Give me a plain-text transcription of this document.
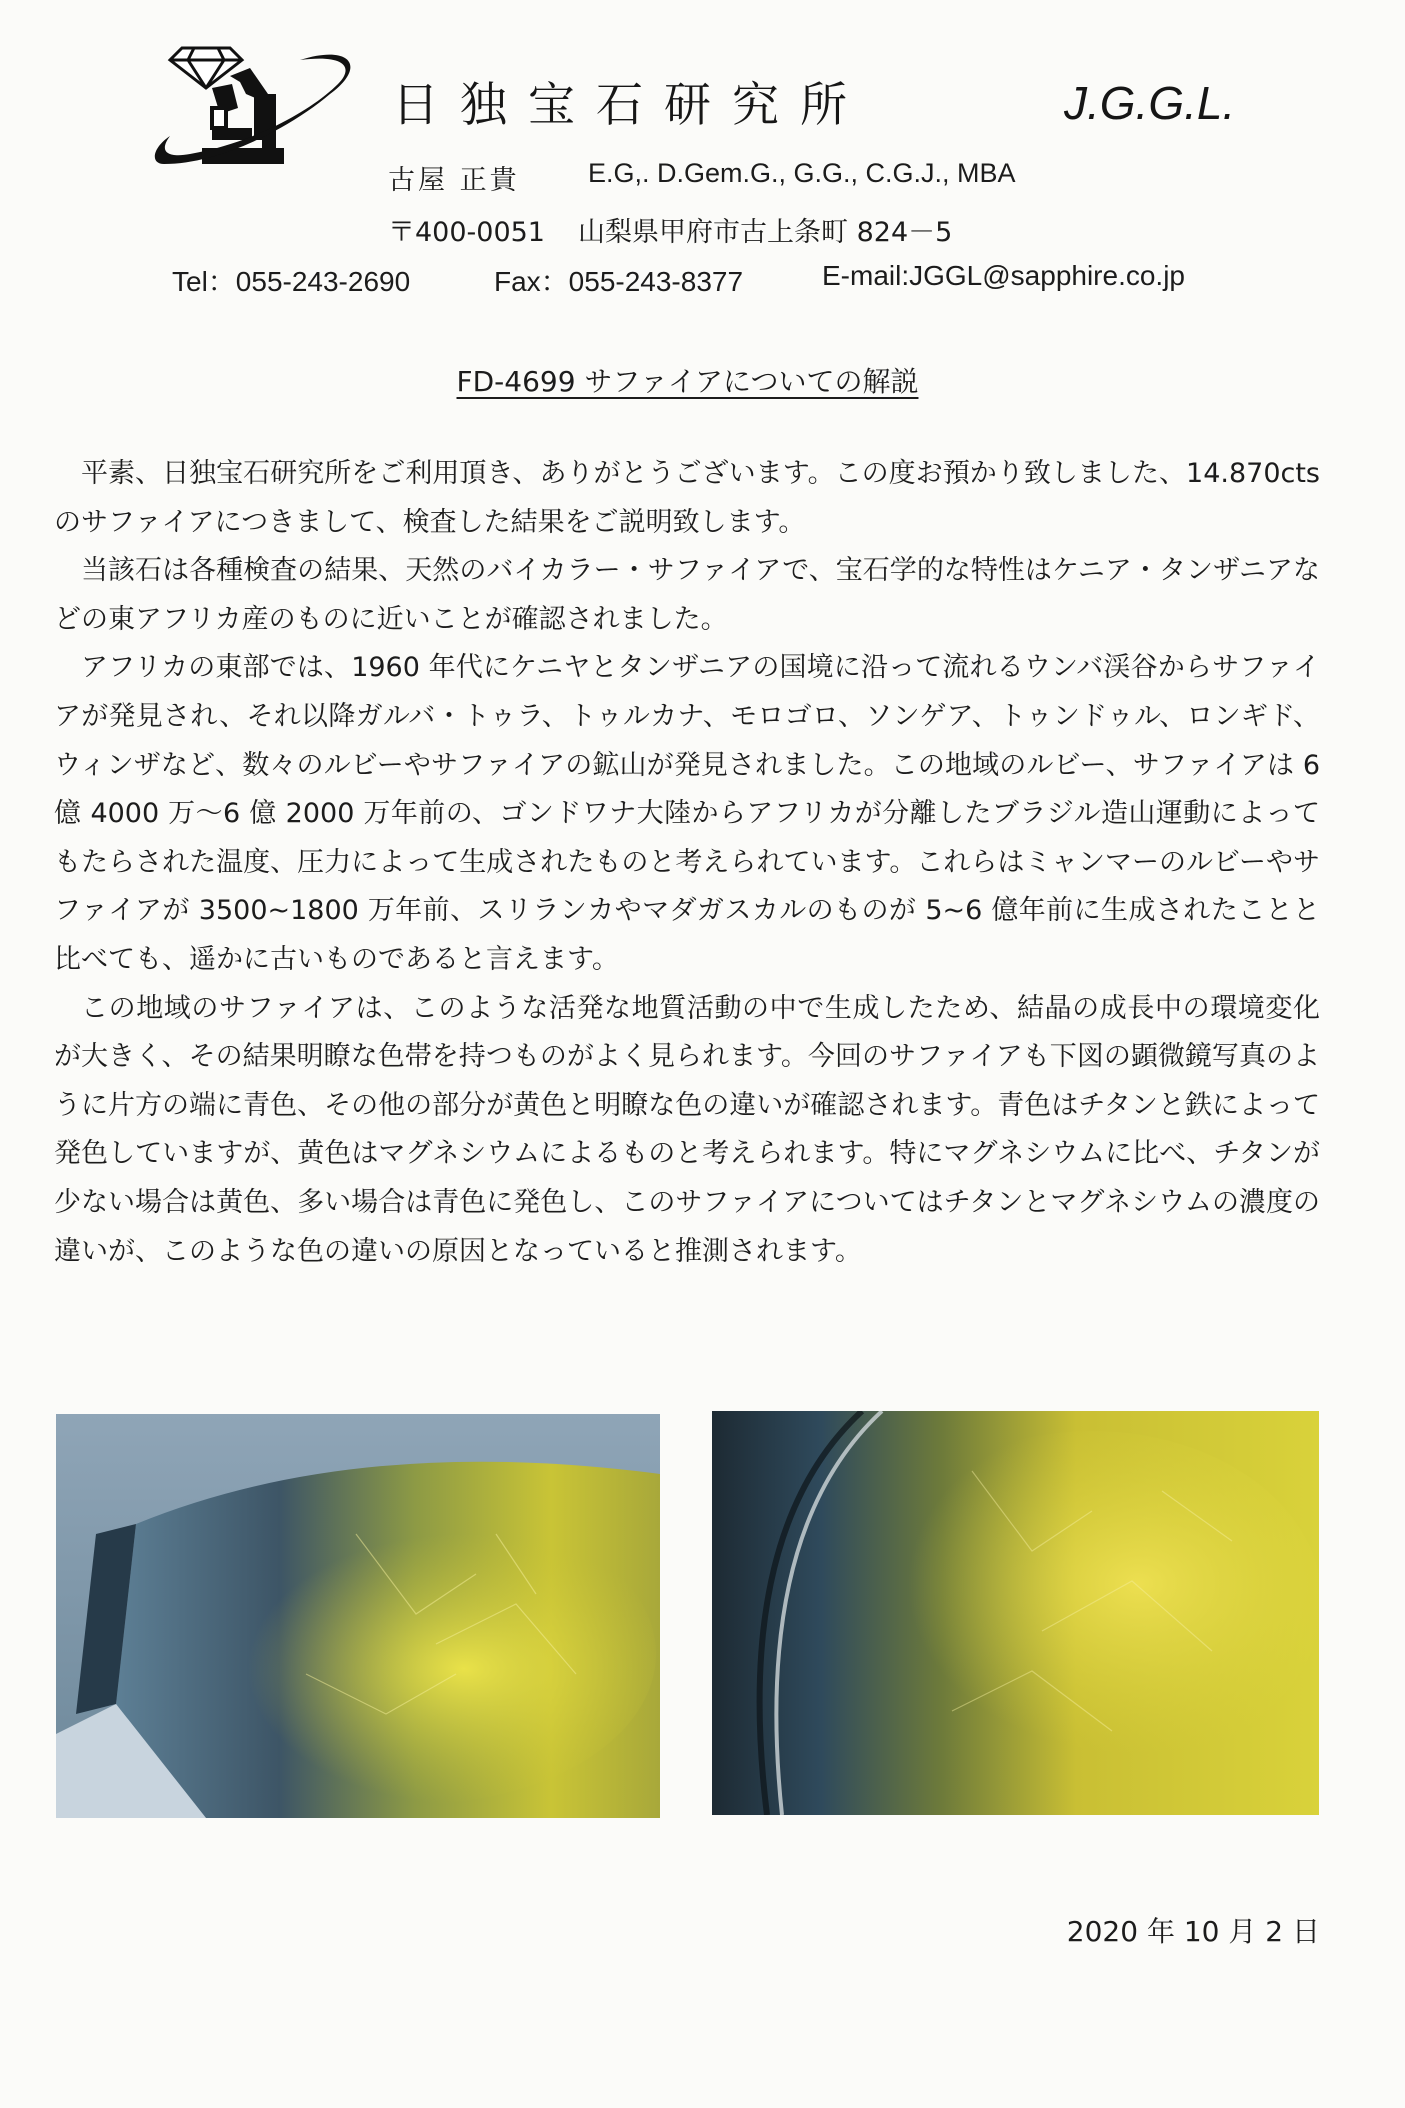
日独宝石研究所	J.G.G.L.
古屋 正貴	E.G,. D.Gem.G., G.G., C.G.J., MBA
〒400-0051 山梨県甲府市古上条町 824－5
Tel：055-243-2690	Fax：055-243-8377	E-mail:JGGL@sapphire.co.jp
FD-4699 サファイアについての解説

平素、日独宝石研究所をご利用頂き、ありがとうございます。この度お預かり致しました、14.870cts のサファイアにつきまして、検査した結果をご説明致します。

当該石は各種検査の結果、天然のバイカラー・サファイアで、宝石学的な特性はケニア・タンザニアなどの東アフリカ産のものに近いことが確認されました。

アフリカの東部では、1960 年代にケニヤとタンザニアの国境に沿って流れるウンバ渓谷からサファイアが発見され、それ以降ガルバ・トゥラ、トゥルカナ、モロゴロ、ソンゲア、トゥンドゥル、ロンギド、ウィンザなど、数々のルビーやサファイアの鉱山が発見されました。この地域のルビー、サファイアは 6 億 4000 万～6 億 2000 万年前の、ゴンドワナ大陸からアフリカが分離したブラジル造山運動によってもたらされた温度、圧力によって生成されたものと考えられています。これらはミャンマーのルビーやサファイアが 3500~1800 万年前、スリランカやマダガスカルのものが 5~6 億年前に生成されたことと比べても、遥かに古いものであると言えます。

この地域のサファイアは、このような活発な地質活動の中で生成したため、結晶の成長中の環境変化が大きく、その結果明瞭な色帯を持つものがよく見られます。今回のサファイアも下図の顕微鏡写真のように片方の端に青色、その他の部分が黄色と明瞭な色の違いが確認されます。青色はチタンと鉄によって発色していますが、黄色はマグネシウムによるものと考えられます。特にマグネシウムに比べ、チタンが少ない場合は黄色、多い場合は青色に発色し、このサファイアについてはチタンとマグネシウムの濃度の違いが、このような色の違いの原因となっていると推測されます。

2020 年 10 月 2 日
